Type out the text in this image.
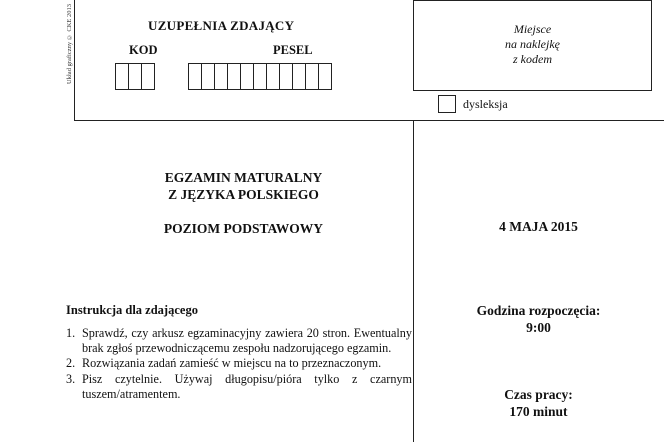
Układ graficzny © CKE 2013	UZUPEŁNIA ZDAJĄCY
KOD	PESEL
Miejsce
na naklejkę
z kodem
dysleksja
EGZAMIN MATURALNY
Z JĘZYKA POLSKIEGO
POZIOM PODSTAWOWY	4 MAJA 2015
Instrukcja dla zdającego
1. Sprawdź, czy arkusz egzaminacyjny zawiera 20 stron. Ewentualny brak zgłoś przewodniczącemu zespołu nadzorującego egzamin.
2. Rozwiązania zadań zamieść w miejscu na to przeznaczonym.
3. Pisz czytelnie. Używaj długopisu/pióra tylko z czarnym tuszem/atramentem.
Godzina rozpoczęcia:
9:00
Czas pracy:
170 minut
